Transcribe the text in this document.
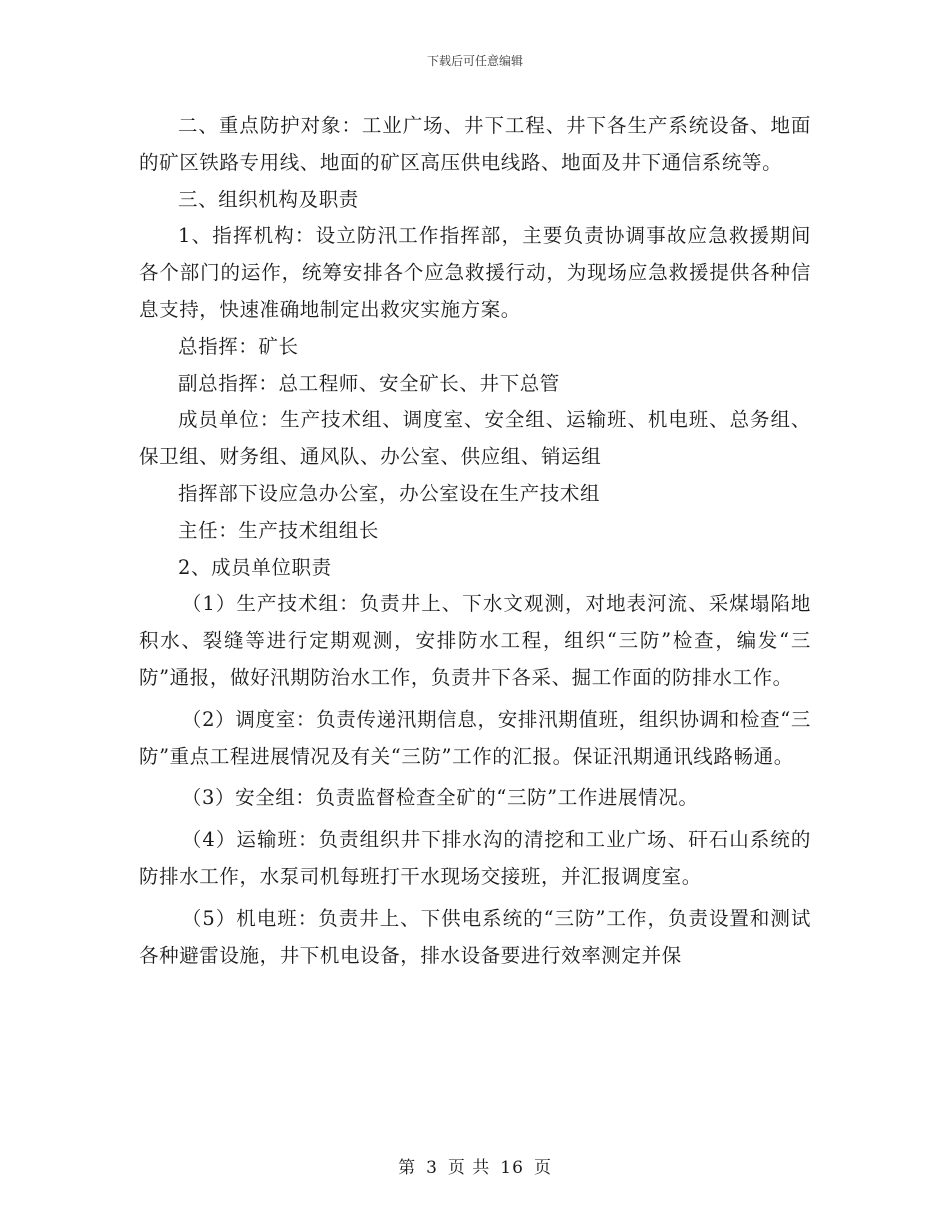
下载后可任意编辑

二、重点防护对象：工业广场、井下工程、井下各生产系统设备、地面的矿区铁路专用线、地面的矿区高压供电线路、地面及井下通信系统等。

三、组织机构及职责

1、指挥机构：设立防汛工作指挥部，主要负责协调事故应急救援期间各个部门的运作，统筹安排各个应急救援行动，为现场应急救援提供各种信息支持，快速准确地制定出救灾实施方案。

总指挥：矿长

副总指挥：总工程师、安全矿长、井下总管

成员单位：生产技术组、调度室、安全组、运输班、机电班、总务组、保卫组、财务组、通风队、办公室、供应组、销运组

指挥部下设应急办公室，办公室设在生产技术组

主任：生产技术组组长

2、成员单位职责

（1）生产技术组：负责井上、下水文观测，对地表河流、采煤塌陷地积水、裂缝等进行定期观测，安排防水工程，组织“三防”检查，编发“三防”通报，做好汛期防治水工作，负责井下各采、掘工作面的防排水工作。

（2）调度室：负责传递汛期信息，安排汛期值班，组织协调和检查“三防”重点工程进展情况及有关“三防”工作的汇报。保证汛期通讯线路畅通。

（3）安全组：负责监督检查全矿的“三防”工作进展情况。

（4）运输班：负责组织井下排水沟的清挖和工业广场、矸石山系统的防排水工作，水泵司机每班打干水现场交接班，并汇报调度室。

（5）机电班：负责井上、下供电系统的“三防”工作，负责设置和测试各种避雷设施，井下机电设备，排水设备要进行效率测定并保

第 3 页 共 16 页
